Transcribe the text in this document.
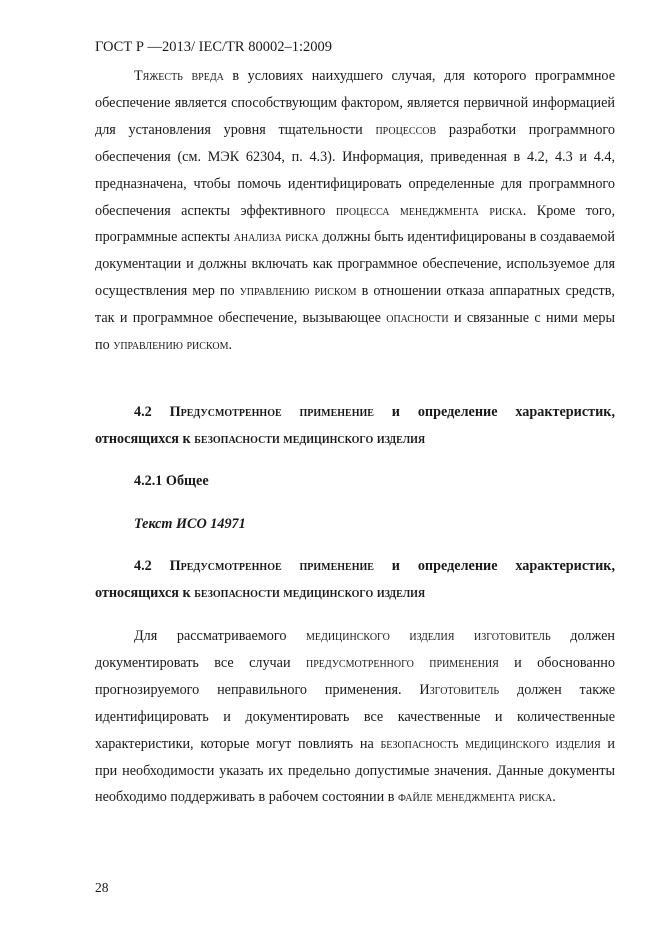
ГОСТ Р —2013/ IEC/TR 80002–1:2009

Тяжесть вреда в условиях наихудшего случая, для которого программное обеспечение является способствующим фактором, является первичной информацией для установления уровня тщательности процессов разработки программного обеспечения (см. МЭК 62304, п. 4.3). Информация, приведенная в 4.2, 4.3 и 4.4, предназначена, чтобы помочь идентифицировать определенные для программного обеспечения аспекты эффективного процесса менеджмента риска. Кроме того, программные аспекты анализа риска должны быть идентифицированы в создаваемой документации и должны включать как программное обеспечение, используемое для осуществления мер по управлению риском в отношении отказа аппаратных средств, так и программное обеспечение, вызывающее опасности и связанные с ними меры по управлению риском.

4.2 Предусмотренное применение и определение характеристик, относящихся к безопасности медицинского изделия

4.2.1 Общее

Текст ИСО 14971

4.2 Предусмотренное применение и определение характеристик, относящихся к безопасности медицинского изделия

Для рассматриваемого медицинского изделия изготовитель должен документировать все случаи предусмотренного применения и обоснованно прогнозируемого неправильного применения. Изготовитель должен также идентифицировать и документировать все качественные и количественные характеристики, которые могут повлиять на безопасность медицинского изделия и при необходимости указать их предельно допустимые значения. Данные документы необходимо поддерживать в рабочем состоянии в файле менеджмента риска.

28
